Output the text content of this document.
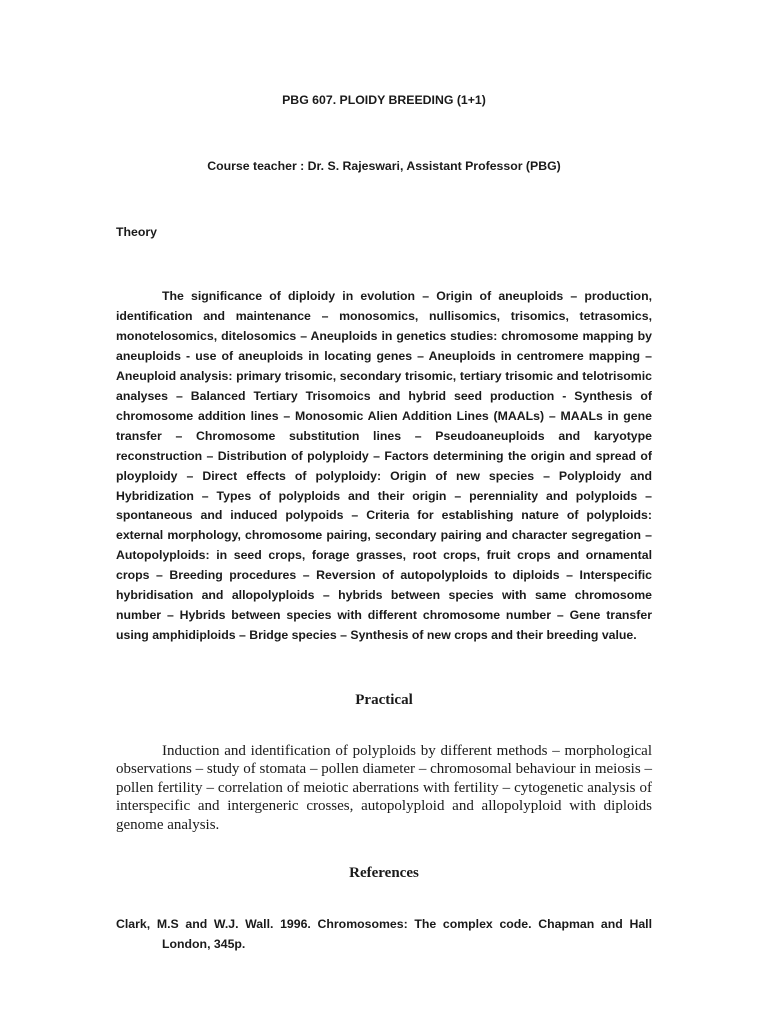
PBG 607. PLOIDY BREEDING (1+1)
Course teacher : Dr. S. Rajeswari, Assistant Professor (PBG)
Theory

The significance of diploidy in evolution – Origin of aneuploids – production, identification and maintenance – monosomics, nullisomics, trisomics, tetrasomics, monotelosomics, ditelosomics – Aneuploids in genetics studies: chromosome mapping by aneuploids - use of aneuploids in locating genes – Aneuploids in centromere mapping – Aneuploid analysis: primary trisomic, secondary trisomic, tertiary trisomic and telotrisomic analyses – Balanced Tertiary Trisomoics and hybrid seed production - Synthesis of chromosome addition lines – Monosomic Alien Addition Lines (MAALs) – MAALs in gene transfer – Chromosome substitution lines – Pseudoaneuploids and karyotype reconstruction – Distribution of polyploidy – Factors determining the origin and spread of ployploidy – Direct effects of polyploidy: Origin of new species – Polyploidy and Hybridization – Types of polyploids and their origin – perenniality and polyploids – spontaneous and induced polypoids – Criteria for establishing nature of polyploids: external morphology, chromosome pairing, secondary pairing and character segregation – Autopolyploids: in seed crops, forage grasses, root crops, fruit crops and ornamental crops – Breeding procedures – Reversion of autopolyploids to diploids – Interspecific hybridisation and allopolyploids – hybrids between species with same chromosome number – Hybrids between species with different chromosome number – Gene transfer using amphidiploids – Bridge species – Synthesis of new crops and their breeding value.

Practical

Induction and identification of polyploids by different methods – morphological observations – study of stomata – pollen diameter – chromosomal behaviour in meiosis – pollen fertility – correlation of meiotic aberrations with fertility – cytogenetic analysis of interspecific and intergeneric crosses, autopolyploid and allopolyploid with diploids genome analysis.

References

Clark, M.S and W.J. Wall. 1996. Chromosomes: The complex code. Chapman and Hall London, 345p.
